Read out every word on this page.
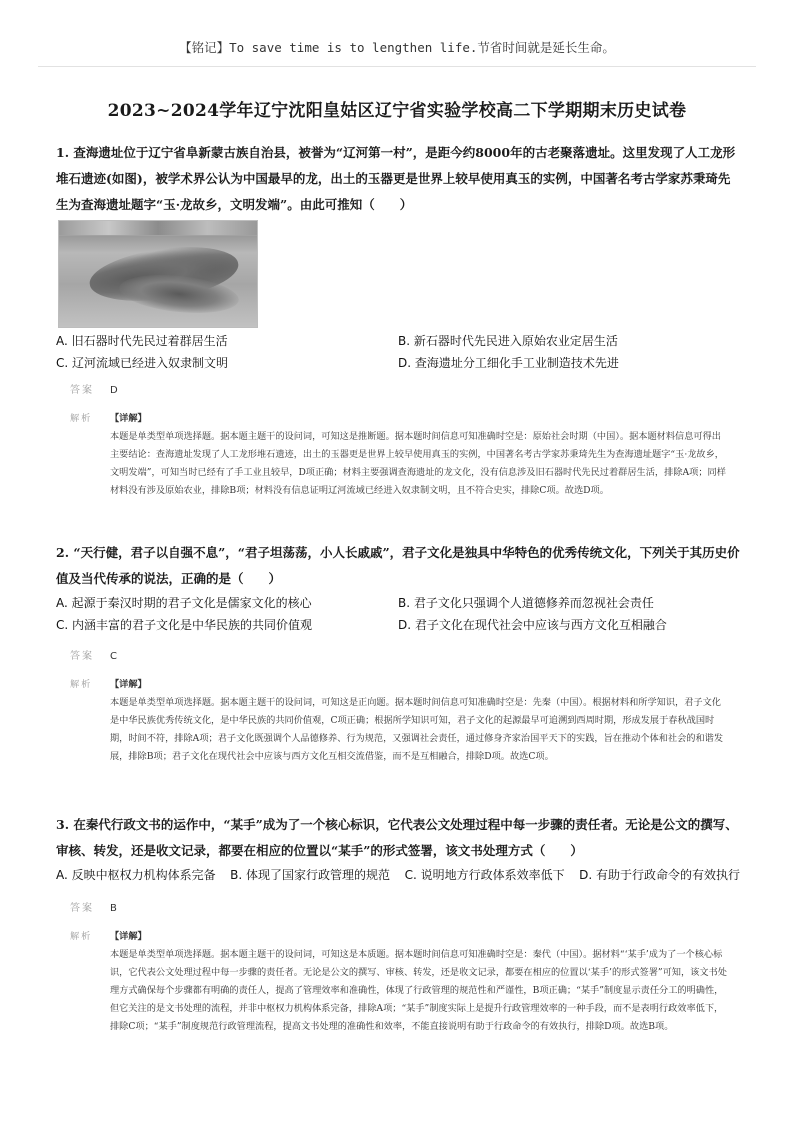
【铭记】To save time is to lengthen life.节省时间就是延长生命。
2023~2024学年辽宁沈阳皇姑区辽宁省实验学校高二下学期期末历史试卷
1. 查海遗址位于辽宁省阜新蒙古族自治县，被誉为“辽河第一村”，是距今约8000年的古老聚落遗址。这里发现了人工龙形堆石遗迹(如图)，被学术界公认为中国最早的龙，出土的玉器更是世界上较早使用真玉的实例，中国著名考古学家苏秉琦先生为查海遗址题字“玉·龙故乡，文明发端”。由此可推知（　　）
A. 旧石器时代先民过着群居生活	B. 新石器时代先民进入原始农业定居生活
C. 辽河流域已经进入奴隶制文明	D. 查海遗址分工细化手工业制造技术先进
答案	D
解析	【详解】

本题是单类型单项选择题。据本题主题干的设问词，可知这是推断题。据本题时间信息可知准确时空是：原始社会时期（中国）。据本题材料信息可得出主要结论：查海遗址发现了人工龙形堆石遗迹，出土的玉器更是世界上较早使用真玉的实例，中国著名考古学家苏秉琦先生为查海遗址题字“玉·龙故乡，文明发端”，可知当时已经有了手工业且较早，D项正确；材料主要强调查海遗址的龙文化，没有信息涉及旧石器时代先民过着群居生活，排除A项；同样材料没有涉及原始农业，排除B项；材料没有信息证明辽河流域已经进入奴隶制文明，且不符合史实，排除C项。故选D项。

2. “天行健，君子以自强不息”，“君子坦荡荡，小人长戚戚”，君子文化是独具中华特色的优秀传统文化，下列关于其历史价值及当代传承的说法，正确的是（　　）
A. 起源于秦汉时期的君子文化是儒家文化的核心	B. 君子文化只强调个人道德修养而忽视社会责任
C. 内涵丰富的君子文化是中华民族的共同价值观	D. 君子文化在现代社会中应该与西方文化互相融合
答案	C
解析	【详解】

本题是单类型单项选择题。据本题主题干的设问词，可知这是正向题。据本题时间信息可知准确时空是：先秦（中国）。根据材料和所学知识，君子文化是中华民族优秀传统文化，是中华民族的共同价值观，C项正确；根据所学知识可知，君子文化的起源最早可追溯到西周时期，形成发展于春秋战国时期，时间不符，排除A项；君子文化既强调个人品德修养、行为规范，又强调社会责任，通过修身齐家治国平天下的实践，旨在推动个体和社会的和谐发展，排除B项；君子文化在现代社会中应该与西方文化互相交流借鉴，而不是互相融合，排除D项。故选C项。

3. 在秦代行政文书的运作中，“某手”成为了一个核心标识，它代表公文处理过程中每一步骤的责任者。无论是公文的撰写、审核、转发，还是收文记录，都要在相应的位置以“某手”的形式签署，该文书处理方式（　　）
A. 反映中枢权力机构体系完备 B. 体现了国家行政管理的规范 C. 说明地方行政体系效率低下 D. 有助于行政命令的有效执行
答案	B
解析	【详解】

本题是单类型单项选择题。据本题主题干的设问词，可知这是本质题。据本题时间信息可知准确时空是：秦代（中国）。据材料“‘某手’成为了一个核心标识，它代表公文处理过程中每一步骤的责任者。无论是公文的撰写、审核、转发，还是收文记录，都要在相应的位置以‘某手’的形式签署”可知，该文书处理方式确保每个步骤都有明确的责任人，提高了管理效率和准确性，体现了行政管理的规范性和严谨性，B项正确；“某手”制度显示责任分工的明确性，但它关注的是文书处理的流程，并非中枢权力机构体系完备，排除A项；“某手”制度实际上是提升行政管理效率的一种手段，而不是表明行政效率低下，排除C项；“某手”制度规范行政管理流程，提高文书处理的准确性和效率，不能直接说明有助于行政命令的有效执行，排除D项。故选B项。
